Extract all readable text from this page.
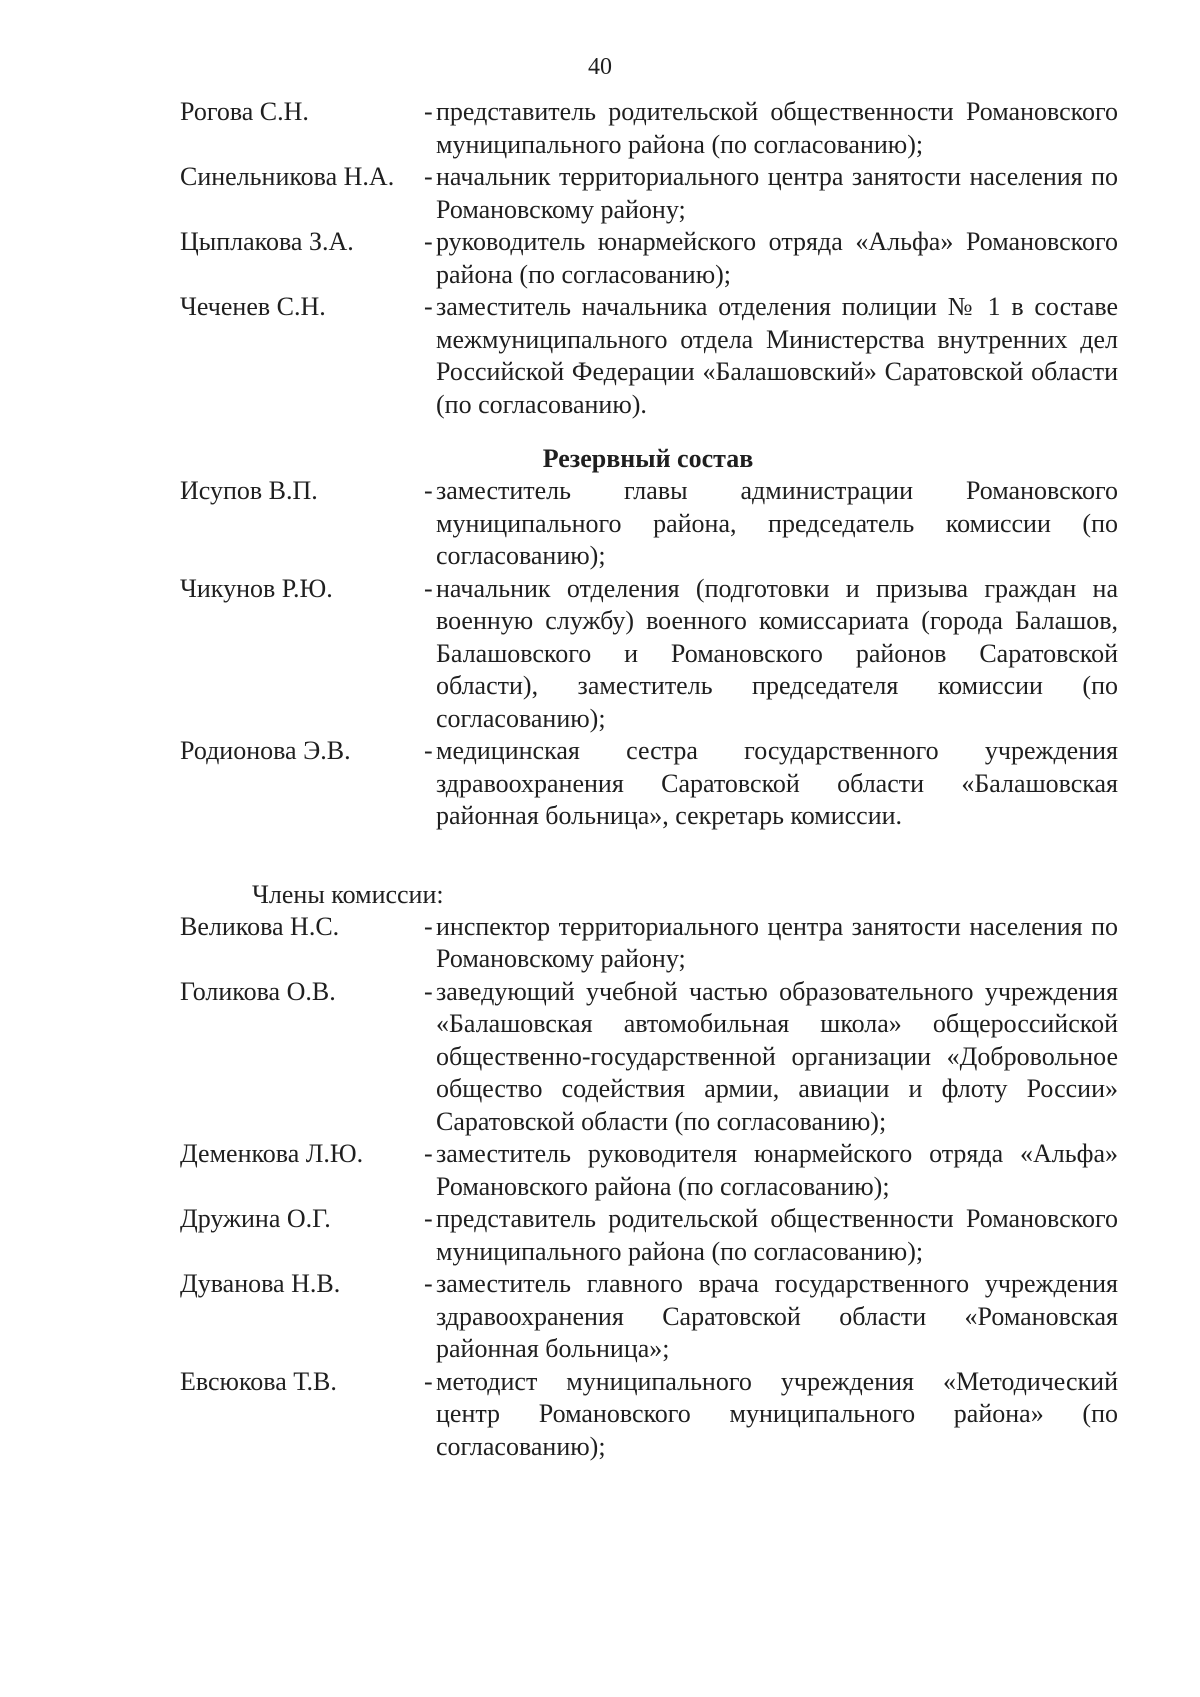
40
Рогова С.Н.	- представитель родительской общественности Романовского муниципального района (по согласованию);
Синельникова Н.А.	- начальник территориального центра занятости населения по Романовскому району;
Цыплакова З.А.	- руководитель юнармейского отряда «Альфа» Романовского района (по согласованию);
Чеченев С.Н.	- заместитель начальника отделения полиции № 1 в составе межмуниципального отдела Министерства внутренних дел Российской Федерации «Балашовский» Саратовской области (по согласованию).
Резервный состав
Исупов В.П.	- заместитель главы администрации Романовского муниципального района, председатель комиссии (по согласованию);
Чикунов Р.Ю.	- начальник отделения (подготовки и призыва граждан на военную службу) военного комиссариата (города Балашов, Балашовского и Романовского районов Саратовской области), заместитель председателя комиссии (по согласованию);
Родионова Э.В.	- медицинская сестра государственного учреждения здравоохранения Саратовской области «Балашовская районная больница», секретарь комиссии.
Члены комиссии:
Великова Н.С.	- инспектор территориального центра занятости населения по Романовскому району;
Голикова О.В.	- заведующий учебной частью образовательного учреждения «Балашовская автомобильная школа» общероссийской общественно-государственной организации «Добровольное общество содействия армии, авиации и флоту России» Саратовской области (по согласованию);
Деменкова Л.Ю.	- заместитель руководителя юнармейского отряда «Альфа» Романовского района (по согласованию);
Дружина О.Г.	- представитель родительской общественности Романовского муниципального района (по согласованию);
Дуванова Н.В.	- заместитель главного врача государственного учреждения здравоохранения Саратовской области «Романовская районная больница»;
Евсюкова Т.В.	- методист муниципального учреждения «Методический центр Романовского муниципального района» (по согласованию);
